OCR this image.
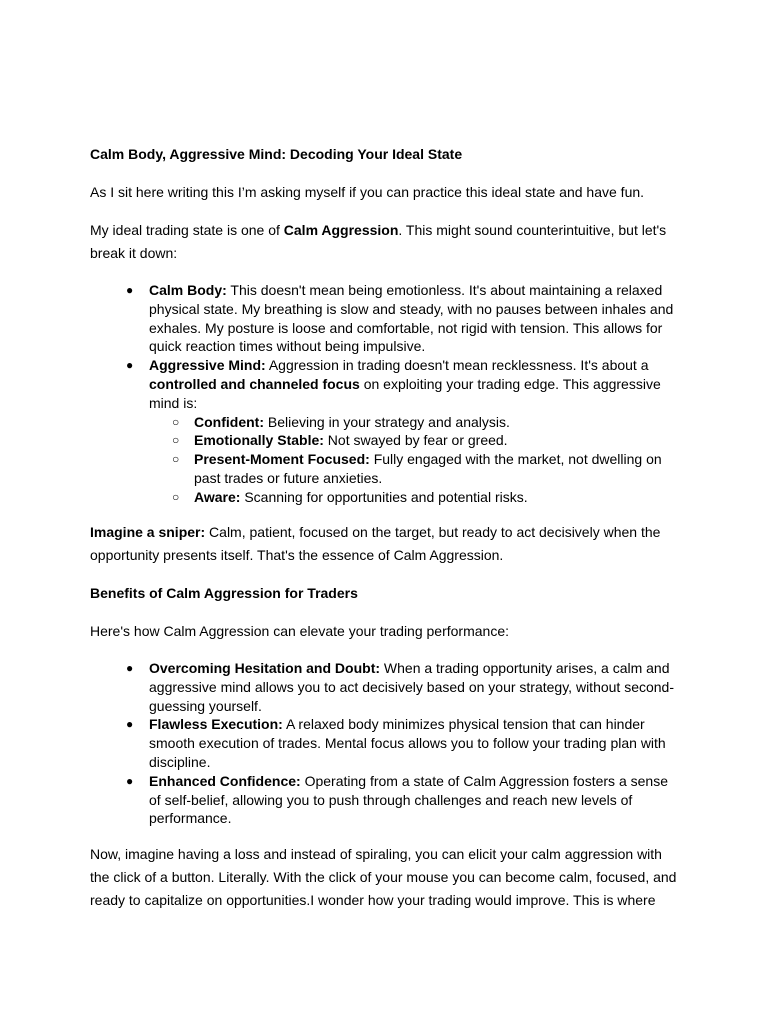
Calm Body, Aggressive Mind: Decoding Your Ideal State

As I sit here writing this I’m asking myself if you can practice this ideal state and have fun.

My ideal trading state is one of Calm Aggression. This might sound counterintuitive, but let's break it down:

● Calm Body: This doesn't mean being emotionless. It's about maintaining a relaxed physical state. My breathing is slow and steady, with no pauses between inhales and exhales. My posture is loose and comfortable, not rigid with tension. This allows for quick reaction times without being impulsive.
● Aggressive Mind: Aggression in trading doesn't mean recklessness. It's about a controlled and channeled focus on exploiting your trading edge. This aggressive mind is:
○ Confident: Believing in your strategy and analysis.
○ Emotionally Stable: Not swayed by fear or greed.
○ Present-Moment Focused: Fully engaged with the market, not dwelling on past trades or future anxieties.
○ Aware: Scanning for opportunities and potential risks.

Imagine a sniper: Calm, patient, focused on the target, but ready to act decisively when the opportunity presents itself. That's the essence of Calm Aggression.

Benefits of Calm Aggression for Traders

Here's how Calm Aggression can elevate your trading performance:

● Overcoming Hesitation and Doubt: When a trading opportunity arises, a calm and aggressive mind allows you to act decisively based on your strategy, without second-guessing yourself.
● Flawless Execution: A relaxed body minimizes physical tension that can hinder smooth execution of trades. Mental focus allows you to follow your trading plan with discipline.
● Enhanced Confidence: Operating from a state of Calm Aggression fosters a sense of self-belief, allowing you to push through challenges and reach new levels of performance.

Now, imagine having a loss and instead of spiraling, you can elicit your calm aggression with the click of a button. Literally. With the click of your mouse you can become calm, focused, and ready to capitalize on opportunities.I wonder how your trading would improve. This is where
